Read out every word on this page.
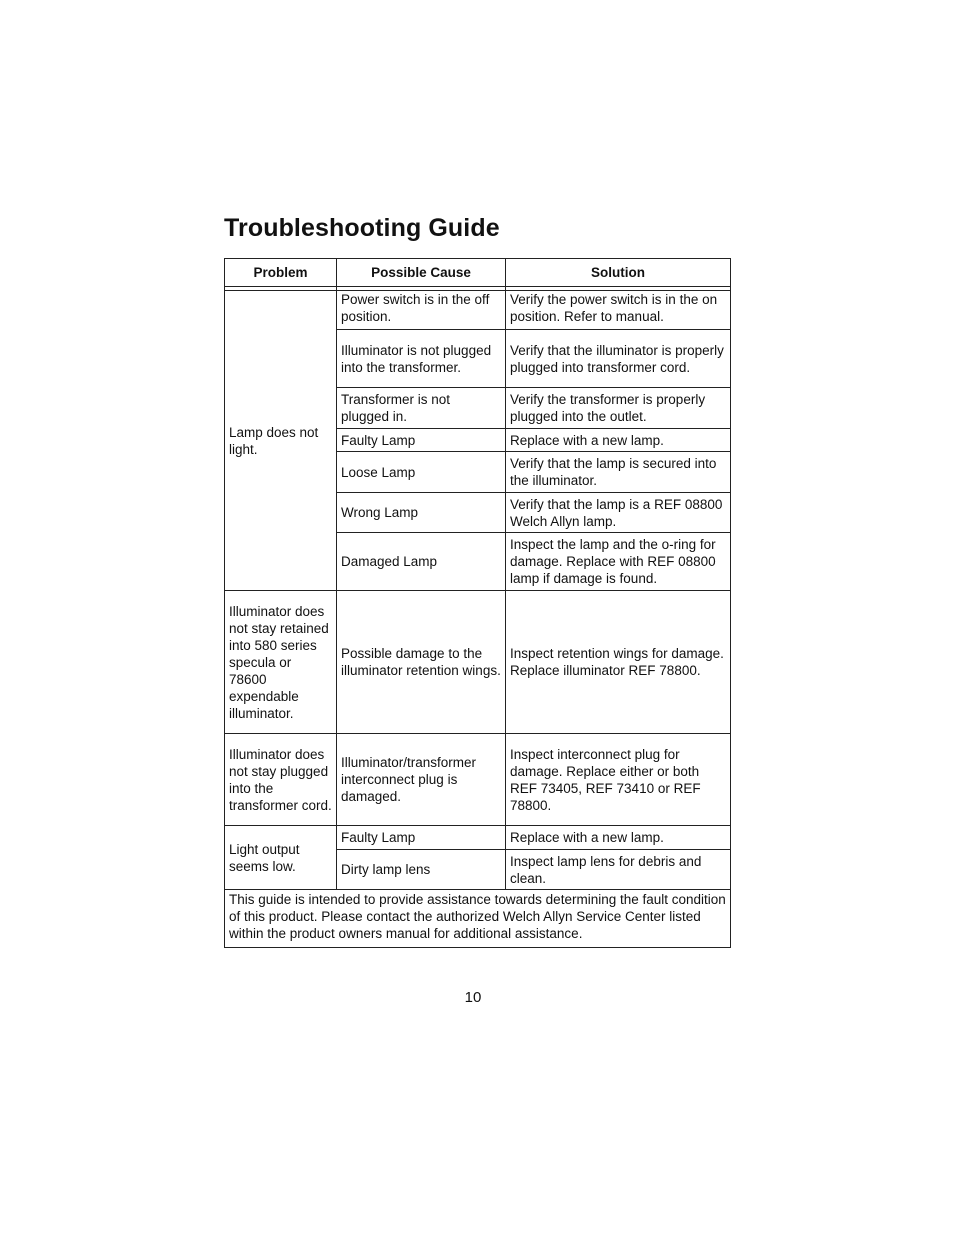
Troubleshooting Guide
Problem	Possible Cause	Solution

Lamp does not light.	Power switch is in the off position.	Verify the power switch is in the on position. Refer to manual.
	Illuminator is not plugged into the transformer.	Verify that the illuminator is properly plugged into transformer cord.
	Transformer is not plugged in.	Verify the transformer is properly plugged into the outlet.
	Faulty Lamp	Replace with a new lamp.
	Loose Lamp	Verify that the lamp is secured into the illuminator.
	Wrong Lamp	Verify that the lamp is a REF 08800 Welch Allyn lamp.
	Damaged Lamp	Inspect the lamp and the o-ring for damage. Replace with REF 08800 lamp if damage is found.
Illuminator does not stay retained into 580 series specula or 78600 expendable illuminator.	Possible damage to the illuminator retention wings.	Inspect retention wings for damage. Replace illuminator REF 78800.
Illuminator does not stay plugged into the transformer cord.	Illuminator/transformer interconnect plug is damaged.	Inspect interconnect plug for damage. Replace either or both REF 73405, REF 73410 or REF 78800.
Light output seems low.	Faulty Lamp	Replace with a new lamp.
	Dirty lamp lens	Inspect lamp lens for debris and clean.
This guide is intended to provide assistance towards determining the fault condition of this product. Please contact the authorized Welch Allyn Service Center listed within the product owners manual for additional assistance.		

10
